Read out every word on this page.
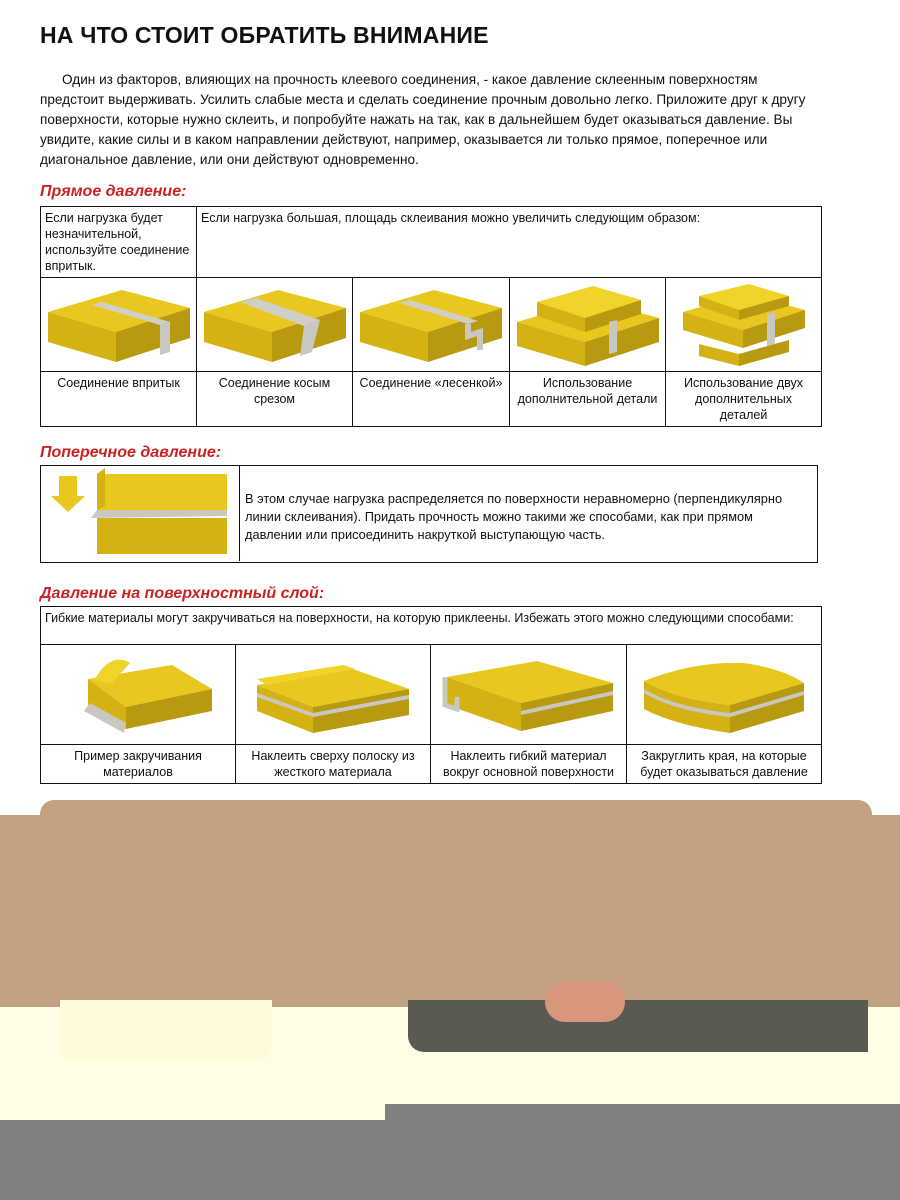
НА ЧТО СТОИТ ОБРАТИТЬ ВНИМАНИЕ

Один из факторов, влияющих на прочность клеевого соединения, - какое давление склеенным поверхностям предстоит выдерживать. Усилить слабые места и сделать соединение прочным довольно легко. Приложите друг к другу поверхности, которые нужно склеить, и попробуйте нажать на так, как в дальнейшем будет оказываться давление. Вы увидите, какие силы и в каком направлении действуют, например, оказывается ли только прямое, поперечное или диагональное давление, или они действуют одновременно.

Прямое давление:
Если нагрузка будет незначительной, используйте соединение впритык.	Если нагрузка большая, площадь склеивания можно увеличить следующим образом:			

Соединение впритык	Соединение косым срезом	Соединение «лесенкой»	Использование дополнительной детали	Использование двух дополнительных деталей
Поперечное давление:
В этом случае нагрузка распределяется по поверхности неравномерно (перпендикулярно линии склеивания). Придать прочность можно такими же способами, как при прямом давлении или присоединить накруткой выступающую часть.
Давление на поверхностный слой:
Гибкие материалы могут закручиваться на поверхности, на которую приклеены. Избежать этого можно следующими способами:			

Пример закручивания материалов	Наклеить сверху полоску из жесткого материала	Наклеить гибкий материал вокруг основной поверхности	Закруглить края, на которые будет оказываться давление
